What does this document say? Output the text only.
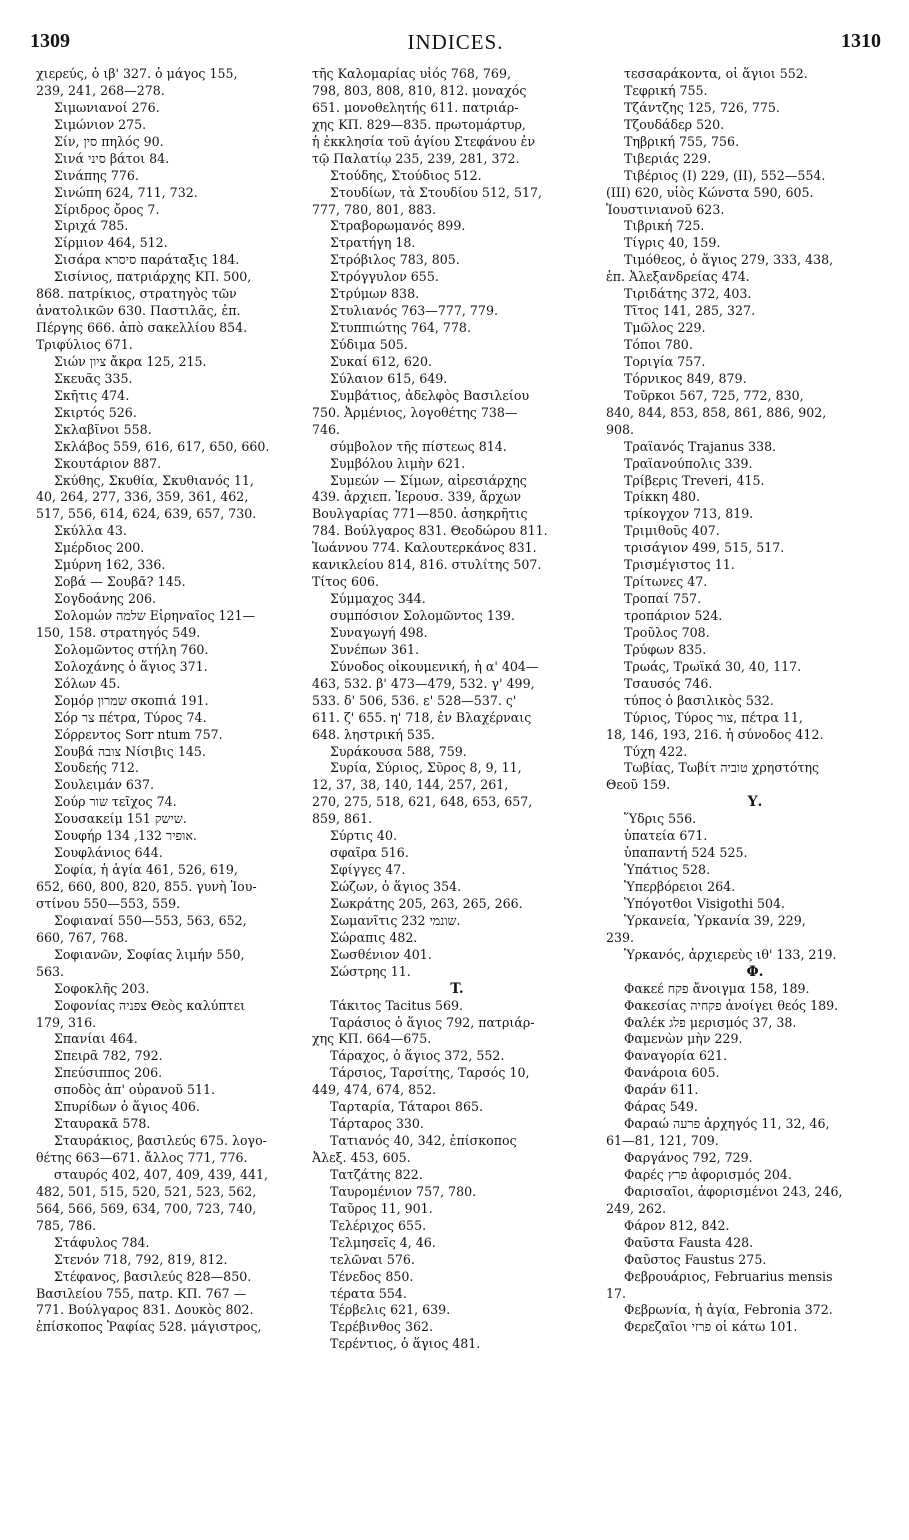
1309	INDICES.	1310
χιερεύς, ὁ ιβ' 327. ὁ μάγος 155,
239, 241, 268—278.
Σιμωνιανοί 276.
Σιμώνιον 275.
Σίν, סין πηλός 90.
Σινά סיני βάτοι 84.
Σινάπης 776.
Σινώπη 624, 711, 732.
Σίριδρος ὄρος 7.
Σιριχά 785.
Σίρμιον 464, 512.
Σισάρα סיסרא παράταξις 184.
Σισίνιος, πατριάρχης ΚΠ. 500,
868. πατρίκιος, στρατηγὸς τῶν
ἀνατολικῶν 630. Παστιλᾶς, ἐπ.
Πέργης 666. ἀπὸ σακελλίου 854.
Τριφύλιος 671.
Σιών ציון ἄκρα 125, 215.
Σκευᾶς 335.
Σκῆτις 474.
Σκιρτός 526.
Σκλαβῖνοι 558.
Σκλάβος 559, 616, 617, 650, 660.
Σκουτάριον 887.
Σκύθης, Σκυθία, Σκυθιανός 11,
40, 264, 277, 336, 359, 361, 462,
517, 556, 614, 624, 639, 657, 730.
Σκύλλα 43.
Σμέρδιος 200.
Σμύρνη 162, 336.
Σοβά — Σουβᾶ? 145.
Σογδοάνης 206.
Σολομών שלמה Εἰρηναῖος 121—
150, 158. στρατηγός 549.
Σολομῶντος στήλη 760.
Σολοχάνης ὁ ἅγιος 371.
Σόλων 45.
Σομόρ שמרון σκοπιά 191.
Σόρ צר πέτρα, Τύρος 74.
Σόρρεντος Sorr ntum 757.
Σουβά צובה Νίσιβις 145.
Σουδεής 712.
Σουλειμάν 637.
Σούρ שור τεῖχος 74.
Σουσακείμ שישק 151.
Σουφήρ אופיר 132, 134.
Σουφλάνιος 644.
Σοφία, ἡ ἁγία 461, 526, 619,
652, 660, 800, 820, 855. γυνὴ Ἰου-
στίνου 550—553, 559.
Σοφιαναί 550—553, 563, 652,
660, 767, 768.
Σοφιανῶν, Σοφίας λιμήν 550,
563.
Σοφοκλῆς 203.
Σοφονίας צפניה Θεὸς καλύπτει
179, 316.
Σπανίαι 464.
Σπειρᾶ 782, 792.
Σπεύσιππος 206.
σποδὸς ἀπ' οὐρανοῦ 511.
Σπυρίδων ὁ ἅγιος 406.
Σταυρακᾶ 578.
Σταυράκιος, βασιλεύς 675. λογο-
θέτης 663—671. ἄλλος 771, 776.
σταυρός 402, 407, 409, 439, 441,
482, 501, 515, 520, 521, 523, 562,
564, 566, 569, 634, 700, 723, 740,
785, 786.
Στάφυλος 784.
Στενόν 718, 792, 819, 812.
Στέφανος, βασιλεύς 828—850.
Βασιλείου 755, πατρ. ΚΠ. 767 —
771. Βούλγαρος 831. Δουκὸς 802.
ἐπίσκοπος Ῥαφίας 528. μάγιστρος,
τῆς Καλομαρίας υἱός 768, 769,
798, 803, 808, 810, 812. μοναχός
651. μονοθελητής 611. πατριάρ-
χης ΚΠ. 829—835. πρωτομάρτυρ,
ἡ ἐκκλησία τοῦ ἁγίου Στεφάνου ἐν
τῷ Παλατίῳ 235, 239, 281, 372.
Στούδης, Στούδιος 512.
Στουδίων, τὰ Στουδίου 512, 517,
777, 780, 801, 883.
Στραβορωμανός 899.
Στρατήγη 18.
Στρόβιλος 783, 805.
Στρόγγυλον 655.
Στρύμων 838.
Στυλιανός 763—777, 779.
Στυππιώτης 764, 778.
Σύδιμα 505.
Συκαί 612, 620.
Σύλαιον 615, 649.
Συμβάτιος, ἀδελφὸς Βασιλείου
750. Ἀρμένιος, λογοθέτης 738—
746.
σύμβολον τῆς πίστεως 814.
Συμβόλου λιμὴν 621.
Συμεών — Σίμων, αἱρεσιάρχης
439. ἀρχιεπ. Ἱερουσ. 339, ἄρχων
Βουλγαρίας 771—850. ἀσηκρῆτις
784. Βούλγαρος 831. Θεοδώρου 811.
Ἰωάννου 774. Καλουτερκάνος 831.
κανικλείου 814, 816. στυλίτης 507.
Τίτος 606.
Σύμμαχος 344.
συμπόσιον Σολομῶντος 139.
Συναγωγή 498.
Συνέπων 361.
Σύνοδος οἰκουμενική, ἡ α' 404—
463, 532. β' 473—479, 532. γ' 499,
533. δ' 506, 536. ε' 528—537. ς'
611. ζ' 655. η' 718, ἐν Βλαχέρναις
648. ληστρική 535.
Συράκουσα 588, 759.
Συρία, Σύριος, Σῦρος 8, 9, 11,
12, 37, 38, 140, 144, 257, 261,
270, 275, 518, 621, 648, 653, 657,
859, 861.
Σύρτις 40.
σφαῖρα 516.
Σφίγγες 47.
Σώζων, ὁ ἅγιος 354.
Σωκράτης 205, 263, 265, 266.
Σωμανῖτις שונמי 232.
Σώραπις 482.
Σωσθένιον 401.
Σώστρης 11.
T.
Τάκιτος Tacitus 569.
Ταράσιος ὁ ἅγιος 792, πατριάρ-
χης ΚΠ. 664—675.
Τάραχος, ὁ ἅγιος 372, 552.
Τάρσιος, Ταρσίτης, Ταρσός 10,
449, 474, 674, 852.
Ταρταρία, Τάταροι 865.
Τάρταρος 330.
Τατιανός 40, 342, ἐπίσκοπος
Ἀλεξ. 453, 605.
Τατζάτης 822.
Ταυρομένιον 757, 780.
Ταῦρος 11, 901.
Τελέριχος 655.
Τελμησεῖς 4, 46.
τελῶναι 576.
Τένεδος 850.
τέρατα 554.
Τέρβελις 621, 639.
Τερέβινθος 362.
Τερέντιος, ὁ ἅγιος 481.
τεσσαράκοντα, οἱ ἅγιοι 552.
Τεφρική 755.
Τζάντζης 125, 726, 775.
Τζουδάδερ 520.
Τηβρική 755, 756.
Τιβεριάς 229.
Τιβέριος (I) 229, (II), 552—554.
(III) 620, υἱὸς Κώνστα 590, 605.
Ἰουστινιανοῦ 623.
Τιβρική 725.
Τίγρις 40, 159.
Τιμόθεος, ὁ ἅγιος 279, 333, 438,
ἐπ. Ἀλεξανδρείας 474.
Τιριδάτης 372, 403.
Τῖτος 141, 285, 327.
Τμῶλος 229.
Τόποι 780.
Τοριγία 757.
Τόρνικος 849, 879.
Τοῦρκοι 567, 725, 772, 830,
840, 844, 853, 858, 861, 886, 902,
908.
Τραϊανός Trajanus 338.
Τραϊανούπολις 339.
Τρίβερις Treveri, 415.
Τρίκκη 480.
τρίκογχον 713, 819.
Τριμιθοῦς 407.
τρισάγιον 499, 515, 517.
Τρισμέγιστος 11.
Τρίτωνες 47.
Τροπαί 757.
τροπάριον 524.
Τροῦλος 708.
Τρύφων 835.
Τρωάς, Τρωϊκά 30, 40, 117.
Τσαυσός 746.
τύπος ὁ βασιλικὸς 532.
Τύριος, Τύρος צור, πέτρα 11,
18, 146, 193, 216. ἡ σύνοδος 412.
Τύχη 422.
Τωβίας, Τωβίτ טוביה χρηστότης
Θεοῦ 159.
Υ.
Ὕδρις 556.
ὑπατεία 671.
ὑπαπαντή 524 525.
Ὑπάτιος 528.
Ὑπερβόρειοι 264.
Ὑπόγοτθοι Visigothi 504.
Ὑρκανεία, Ὑρκανία 39, 229,
239.
Ὑρκανός, ἀρχιερεὺς ιθ' 133, 219.
Φ.
Φακεέ פקח ἄνοιγμα 158, 189.
Φακεσίας פקחיה ἀνοίγει θεός 189.
Φαλέκ פלג μερισμός 37, 38.
Φαμενὼν μὴν 229.
Φαναγορία 621.
Φανάροια 605.
Φαράν 611.
Φάρας 549.
Φαραώ פרעה ἀρχηγός 11, 32, 46,
61—81, 121, 709.
Φαργάνος 792, 729.
Φαρές פרץ ἀφορισμός 204.
Φαρισαῖοι, ἀφορισμένοι 243, 246,
249, 262.
Φάρον 812, 842.
Φαῦστα Fausta 428.
Φαῦστος Faustus 275.
Φεβρουάριος, Februarius mensis
17.
Φεβρωνία, ἡ ἁγία, Febronia 372.
Φερεζαῖοι פרזי οἱ κάτω 101.
